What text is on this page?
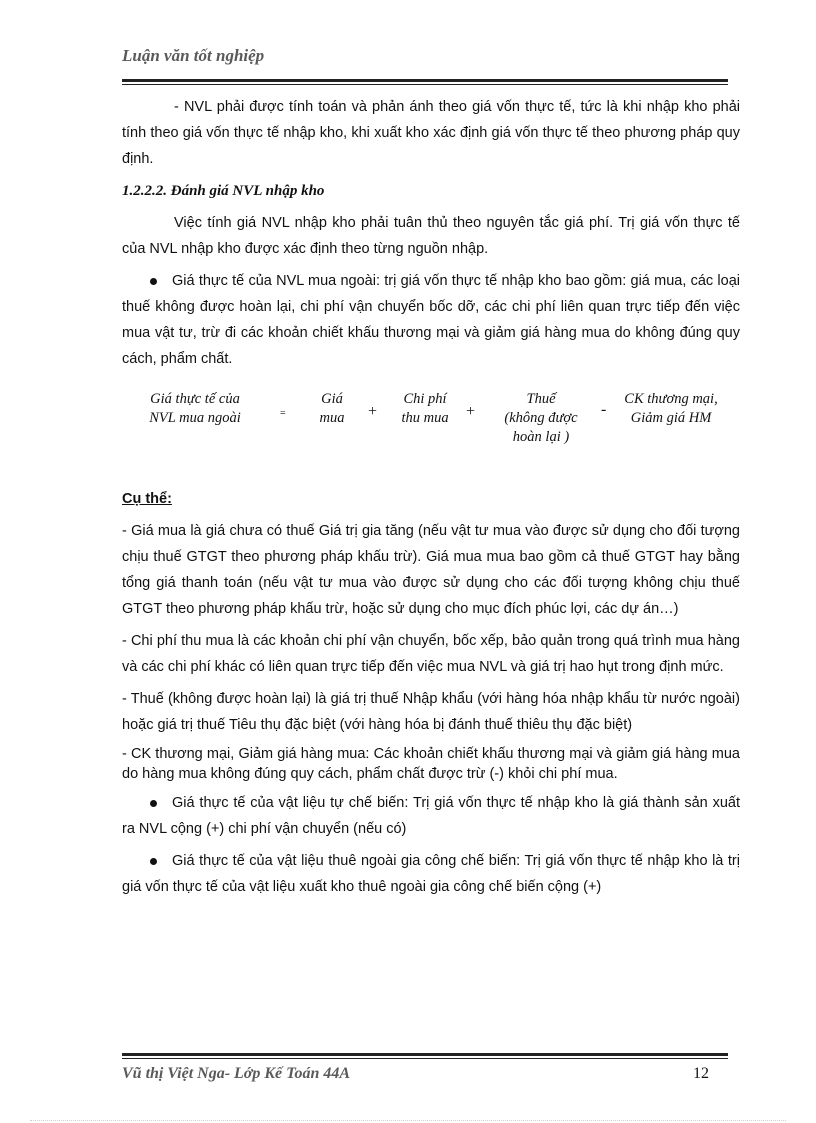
Luận văn tốt nghiệp

- NVL phải được tính toán và phản ánh theo giá vốn thực tế, tức là khi nhập kho phải tính theo giá vốn thực tế nhập kho, khi xuất kho xác định giá vốn thực tế theo phương pháp quy định.

1.2.2.2. Đánh giá NVL nhập kho

Việc tính giá NVL nhập kho phải tuân thủ theo nguyên tắc giá phí. Trị giá vốn thực tế của NVL nhập kho được xác định theo từng nguồn nhập.

Giá thực tế của NVL mua ngoài: trị giá vốn thực tế nhập kho bao gồm: giá mua, các loại thuế không được hoàn lại, chi phí vận chuyển bốc dỡ, các chi phí liên quan trực tiếp đến việc mua vật tư, trừ đi các khoản chiết khấu thương mại và giảm giá hàng mua do không đúng quy cách, phẩm chất.

Giá thực tế của
NVL mua ngoài	=
Giá
mua	+
Chi phí
thu mua	+
Thuế
(không được
hoàn lại )
-
CK thương mại,
Giảm giá HM
Cụ thể:

- Giá mua là giá chưa có thuế Giá trị gia tăng (nếu vật tư mua vào được sử dụng cho đối tượng chịu thuế GTGT theo phương pháp khấu trừ). Giá mua mua bao gồm cả thuế GTGT hay bằng tổng giá thanh toán (nếu vật tư mua vào được sử dụng cho các đối tượng không chịu thuế GTGT theo phương pháp khấu trừ, hoặc sử dụng cho mục đích phúc lợi, các dự án…)

- Chi phí thu mua là các khoản chi phí vận chuyển, bốc xếp, bảo quản trong quá trình mua hàng và các chi phí khác có liên quan trực tiếp đến việc mua NVL và giá trị hao hụt trong định mức.

- Thuế (không được hoàn lại) là giá trị thuế Nhập khẩu (với hàng hóa nhập khẩu từ nước ngoài) hoặc giá trị thuế Tiêu thụ đặc biệt (với hàng hóa bị đánh thuế thiêu thụ đặc biệt)

- CK thương mại, Giảm giá hàng mua: Các khoản chiết khấu thương mại và giảm giá hàng mua do hàng mua không đúng quy cách, phẩm chất được trừ (-) khỏi chi phí mua.

Giá thực tế của vật liệu tự chế biến: Trị giá vốn thực tế nhập kho là giá thành sản xuất ra NVL cộng (+) chi phí vận chuyển (nếu có)

Giá thực tế của vật liệu thuê ngoài gia công chế biến: Trị giá vốn thực tế nhập kho là trị giá vốn thực tế của vật liệu xuất kho thuê ngoài gia công chế biến cộng (+)

Vũ thị Việt Nga- Lớp Kế Toán 44A	12
